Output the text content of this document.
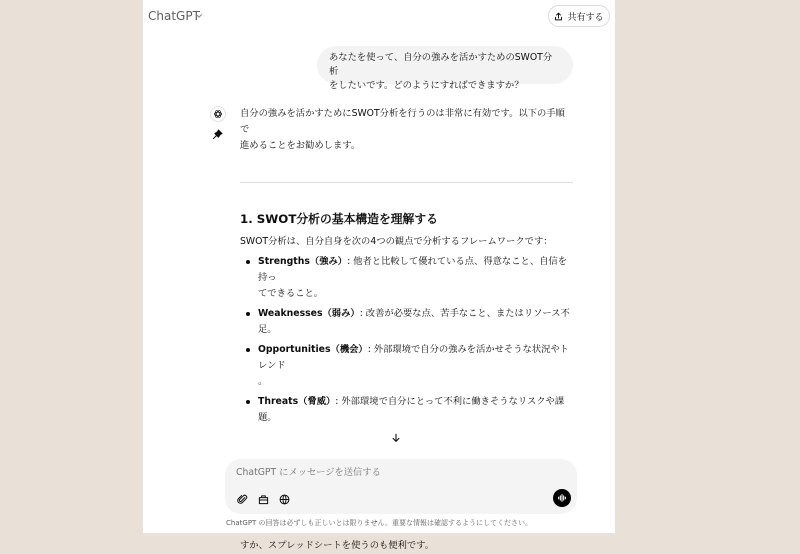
ChatGPT	共有する
あなたを使って、自分の強みを活かすためのSWOT分析
をしたいです。どのようにすればできますか？
自分の強みを活かすためにSWOT分析を行うのは非常に有効です。以下の手順で
進めることをお勧めします。
1. SWOT分析の基本構造を理解する
SWOT分析は、自分自身を次の4つの観点で分析するフレームワークです：
Strengths（強み）: 他者と比較して優れている点、得意なこと、自信を持っ
てできること。
Weaknesses（弱み）: 改善が必要な点、苦手なこと、またはリソース不足。
Opportunities（機会）: 外部環境で自分の強みを活かせそうな状況やトレンド
。
Threats（脅威）: 外部環境で自分にとって不利に働きそうなリスクや課題。
すか、スプレッドシートを使うのも便利です。
ChatGPT にメッセージを送信する
ChatGPT の回答は必ずしも正しいとは限りません。重要な情報は確認するようにしてください。
